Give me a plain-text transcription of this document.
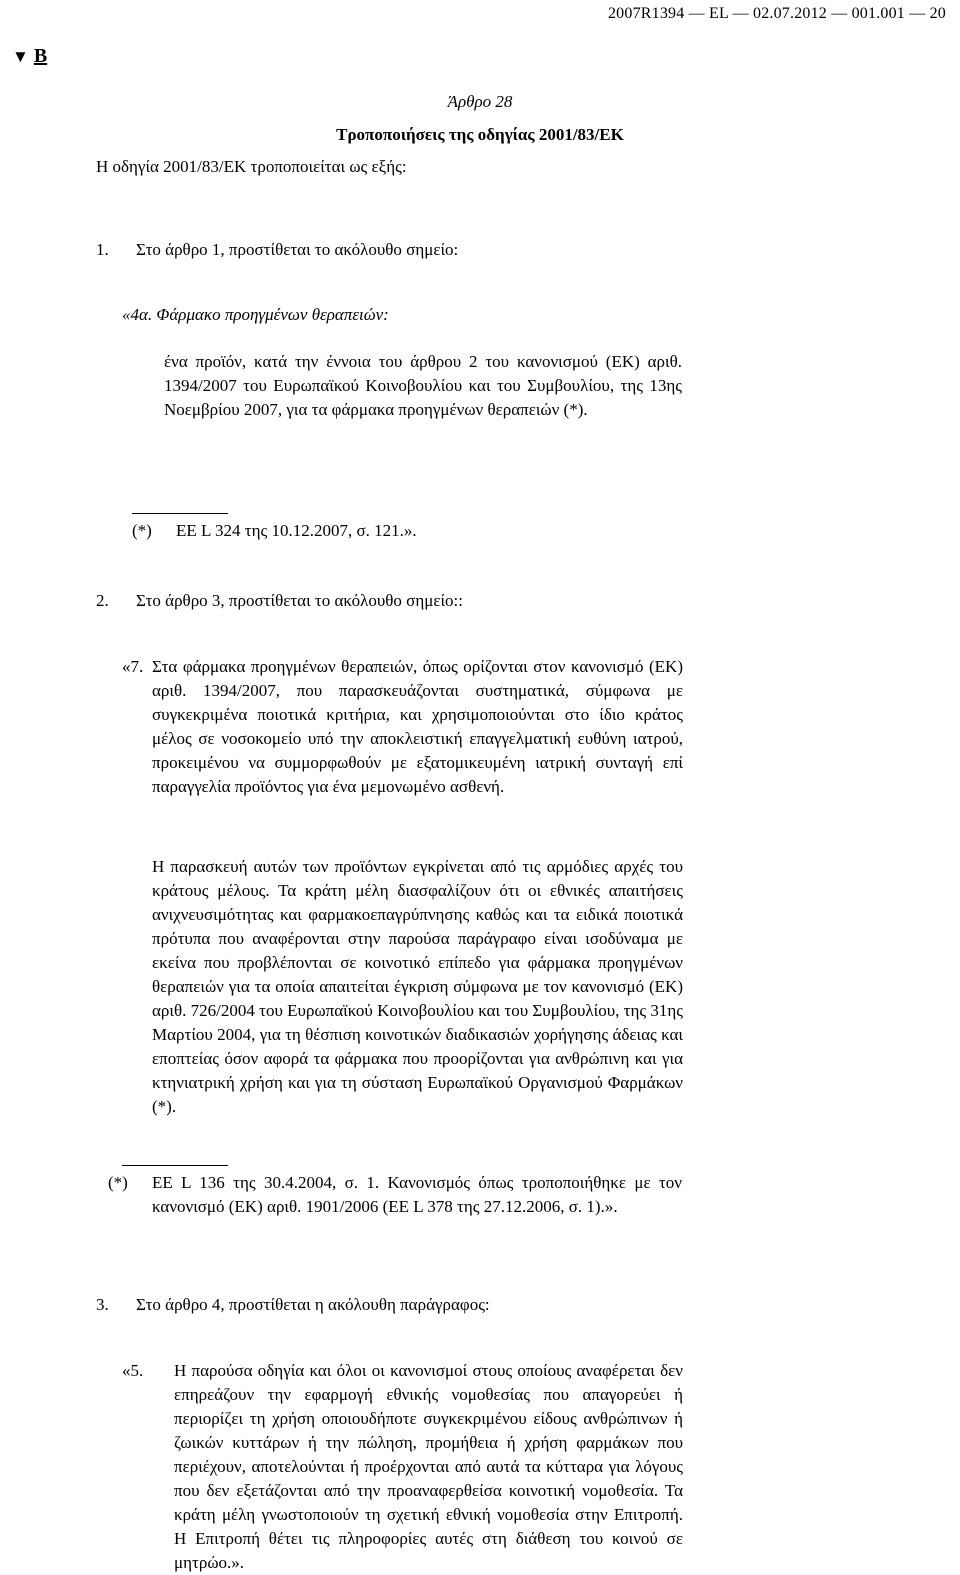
2007R1394 — EL — 02.07.2012 — 001.001 — 20
▼ B
Άρθρο 28
Τροποποιήσεις της οδηγίας 2001/83/ΕΚ
Η οδηγία 2001/83/ΕΚ τροποποιείται ως εξής:
1.	Στο άρθρο 1, προστίθεται το ακόλουθο σημείο:
«4α. Φάρμακο προηγμένων θεραπειών:
ένα προϊόν, κατά την έννοια του άρθρου 2 του κανονισμού (ΕΚ) αριθ. 1394/2007 του Ευρωπαϊκού Κοινοβουλίου και του Συμβουλίου, της 13ης Νοεμβρίου 2007, για τα φάρμακα προηγμένων θεραπειών (*).
(*)	ΕΕ L 324 της 10.12.2007, σ. 121.».
2.	Στο άρθρο 3, προστίθεται το ακόλουθο σημείο::
«7. Στα φάρμακα προηγμένων θεραπειών, όπως ορίζονται στον κανονισμό (ΕΚ) αριθ. 1394/2007, που παρασκευάζονται συστηματικά, σύμφωνα με συγκεκριμένα ποιοτικά κριτήρια, και χρησιμοποιούνται στο ίδιο κράτος μέλος σε νοσοκομείο υπό την αποκλειστική επαγγελματική ευθύνη ιατρού, προκειμένου να συμμορφωθούν με εξατομικευμένη ιατρική συνταγή επί παραγγελία προϊόντος για ένα μεμονωμένο ασθενή.
Η παρασκευή αυτών των προϊόντων εγκρίνεται από τις αρμόδιες αρχές του κράτους μέλους. Τα κράτη μέλη διασφαλίζουν ότι οι εθνικές απαιτήσεις ανιχνευσιμότητας και φαρμακοεπαγρύπνησης καθώς και τα ειδικά ποιοτικά πρότυπα που αναφέρονται στην παρούσα παράγραφο είναι ισοδύναμα με εκείνα που προβλέπονται σε κοινοτικό επίπεδο για φάρμακα προηγμένων θεραπειών για τα οποία απαιτείται έγκριση σύμφωνα με τον κανονισμό (ΕΚ) αριθ. 726/2004 του Ευρωπαϊκού Κοινοβουλίου και του Συμβουλίου, της 31ης Μαρτίου 2004, για τη θέσπιση κοινοτικών διαδικασιών χορήγησης άδειας και εποπτείας όσον αφορά τα φάρμακα που προορίζονται για ανθρώπινη και για κτηνιατρική χρήση και για τη σύσταση Ευρωπαϊκού Οργανισμού Φαρμάκων (*).
(*)	ΕΕ L 136 της 30.4.2004, σ. 1. Κανονισμός όπως τροποποιήθηκε με τον κανονισμό (ΕΚ) αριθ. 1901/2006 (ΕΕ L 378 της 27.12.2006, σ. 1).».
3.	Στο άρθρο 4, προστίθεται η ακόλουθη παράγραφος:
«5. Η παρούσα οδηγία και όλοι οι κανονισμοί στους οποίους αναφέρεται δεν επηρεάζουν την εφαρμογή εθνικής νομοθεσίας που απαγορεύει ή περιορίζει τη χρήση οποιουδήποτε συγκεκριμένου είδους ανθρώπινων ή ζωικών κυττάρων ή την πώληση, προμήθεια ή χρήση φαρμάκων που περιέχουν, αποτελούνται ή προέρχονται από αυτά τα κύτταρα για λόγους που δεν εξετάζονται από την προαναφερθείσα κοινοτική νομοθεσία. Τα κράτη μέλη γνωστοποιούν τη σχετική εθνική νομοθεσία στην Επιτροπή. Η Επιτροπή θέτει τις πληροφορίες αυτές στη διάθεση του κοινού σε μητρώο.».
